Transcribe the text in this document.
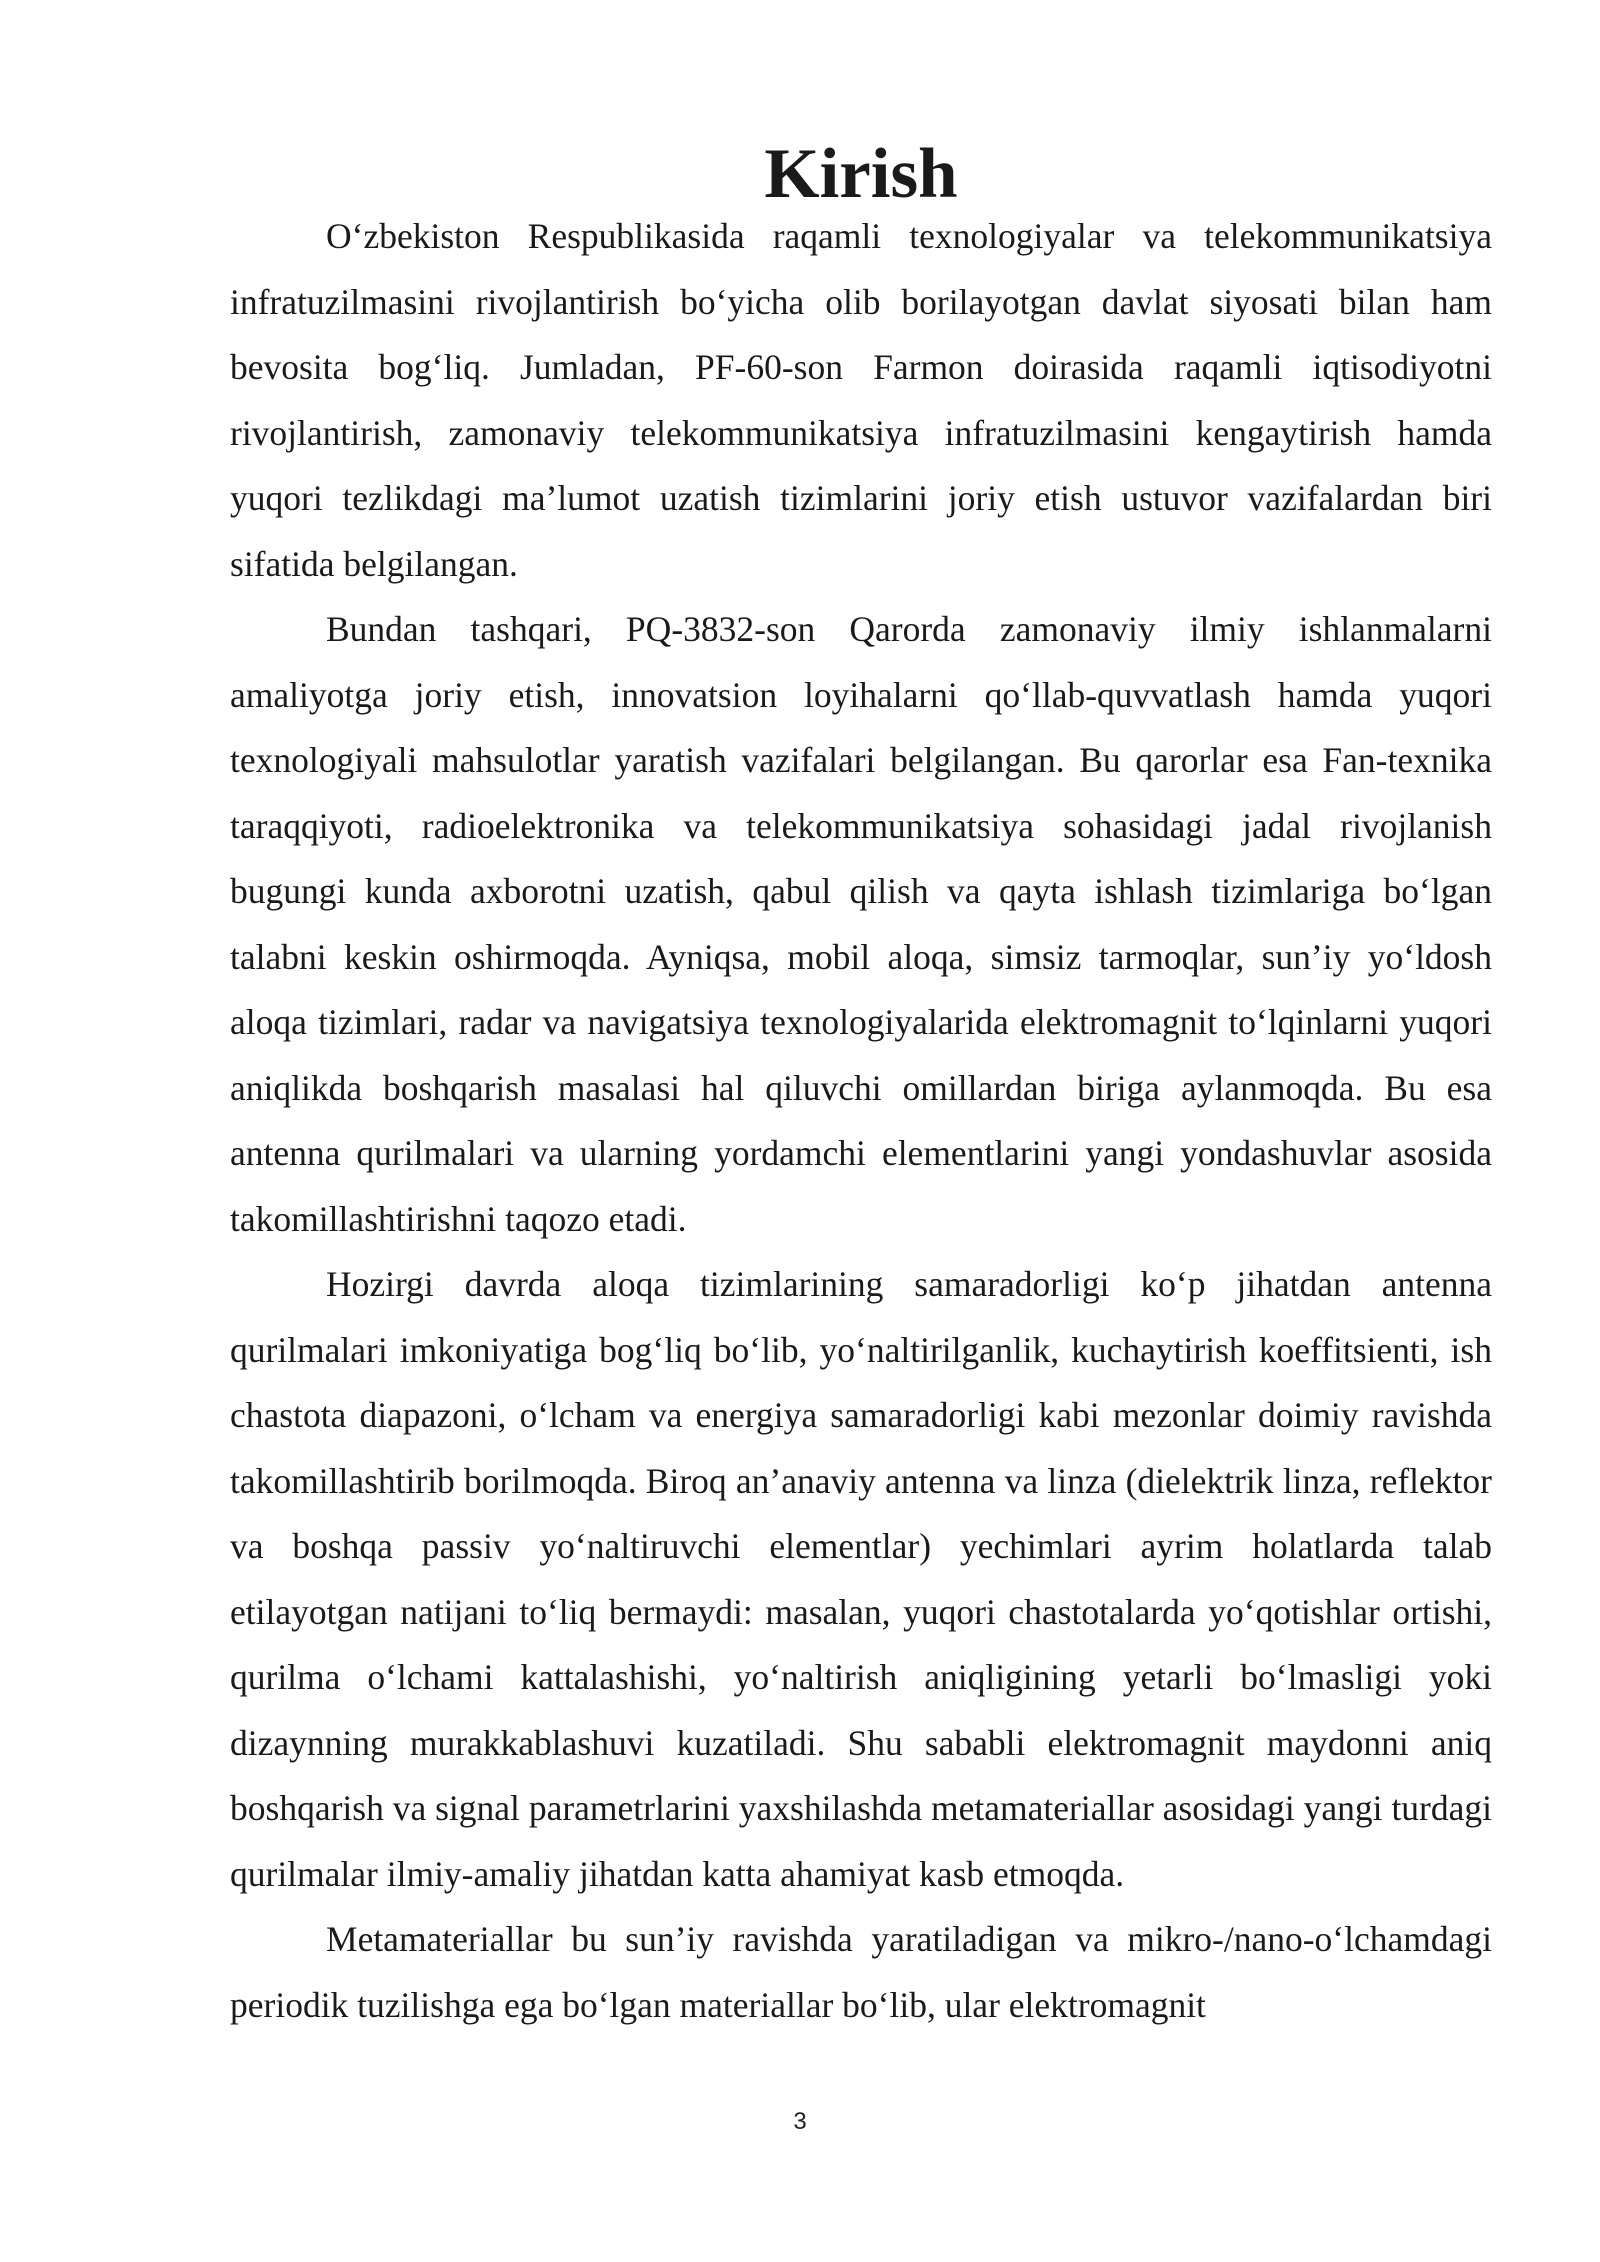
Kirish

O‘zbekiston Respublikasida raqamli texnologiyalar va telekommunikatsiya infratuzilmasini rivojlantirish bo‘yicha olib borilayotgan davlat siyosati bilan ham bevosita bog‘liq. Jumladan, PF-60-son Farmon doirasida raqamli iqtisodiyotni rivojlantirish, zamonaviy telekommunikatsiya infratuzilmasini kengaytirish hamda yuqori tezlikdagi ma’lumot uzatish tizimlarini joriy etish ustuvor vazifalardan biri sifatida belgilangan.

Bundan tashqari, PQ-3832-son Qarorda zamonaviy ilmiy ishlanmalarni amaliyotga joriy etish, innovatsion loyihalarni qo‘llab-quvvatlash hamda yuqori texnologiyali mahsulotlar yaratish vazifalari belgilangan. Bu qarorlar esa Fan-texnika taraqqiyoti, radioelektronika va telekommunikatsiya sohasidagi jadal rivojlanish bugungi kunda axborotni uzatish, qabul qilish va qayta ishlash tizimlariga bo‘lgan talabni keskin oshirmoqda. Ayniqsa, mobil aloqa, simsiz tarmoqlar, sun’iy yo‘ldosh aloqa tizimlari, radar va navigatsiya texnologiyalarida elektromagnit to‘lqinlarni yuqori aniqlikda boshqarish masalasi hal qiluvchi omillardan biriga aylanmoqda. Bu esa antenna qurilmalari va ularning yordamchi elementlarini yangi yondashuvlar asosida takomillashtirishni taqozo etadi.

Hozirgi davrda aloqa tizimlarining samaradorligi ko‘p jihatdan antenna qurilmalari imkoniyatiga bog‘liq bo‘lib, yo‘naltirilganlik, kuchaytirish koeffitsienti, ish chastota diapazoni, o‘lcham va energiya samaradorligi kabi mezonlar doimiy ravishda takomillashtirib borilmoqda. Biroq an’anaviy antenna va linza (dielektrik linza, reflektor va boshqa passiv yo‘naltiruvchi elementlar) yechimlari ayrim holatlarda talab etilayotgan natijani to‘liq bermaydi: masalan, yuqori chastotalarda yo‘qotishlar ortishi, qurilma o‘lchami kattalashishi, yo‘naltirish aniqligining yetarli bo‘lmasligi yoki dizaynning murakkablashuvi kuzatiladi. Shu sababli elektromagnit maydonni aniq boshqarish va signal parametrlarini yaxshilashda metamateriallar asosidagi yangi turdagi qurilmalar ilmiy-amaliy jihatdan katta ahamiyat kasb etmoqda.

Metamateriallar bu sun’iy ravishda yaratiladigan va mikro-/nano-o‘lchamdagi periodik tuzilishga ega bo‘lgan materiallar bo‘lib, ular elektromagnit

3
